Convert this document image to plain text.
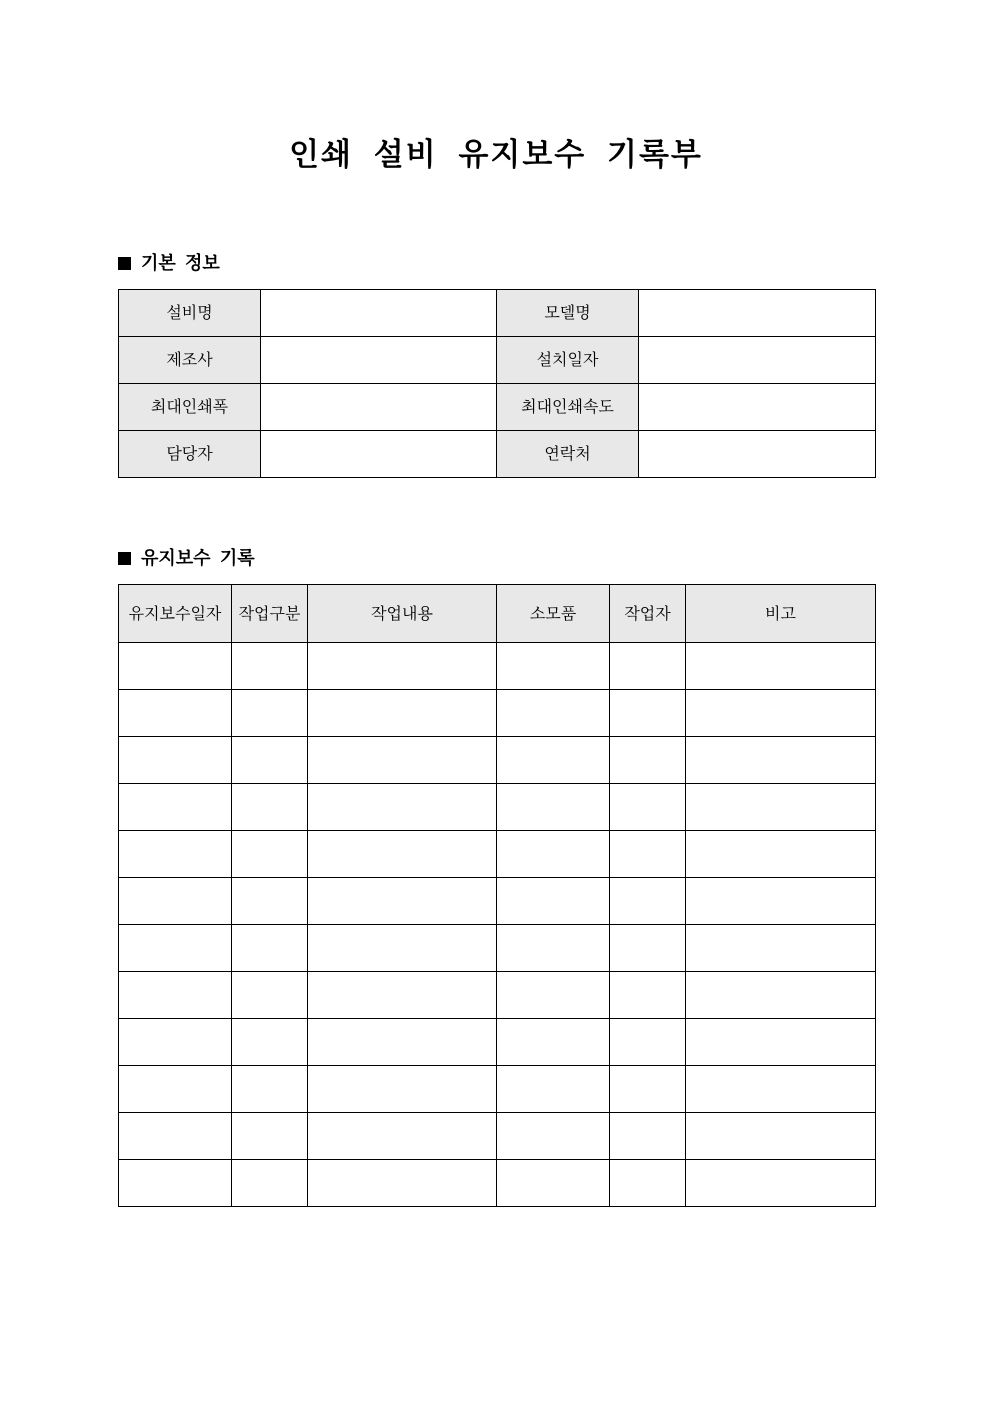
인쇄 설비 유지보수 기록부
기본 정보
설비명		모델명	
제조사		설치일자	
최대인쇄폭		최대인쇄속도	
담당자		연락처	
유지보수 기록
유지보수일자	작업구분	작업내용	소모품	작업자	비고
